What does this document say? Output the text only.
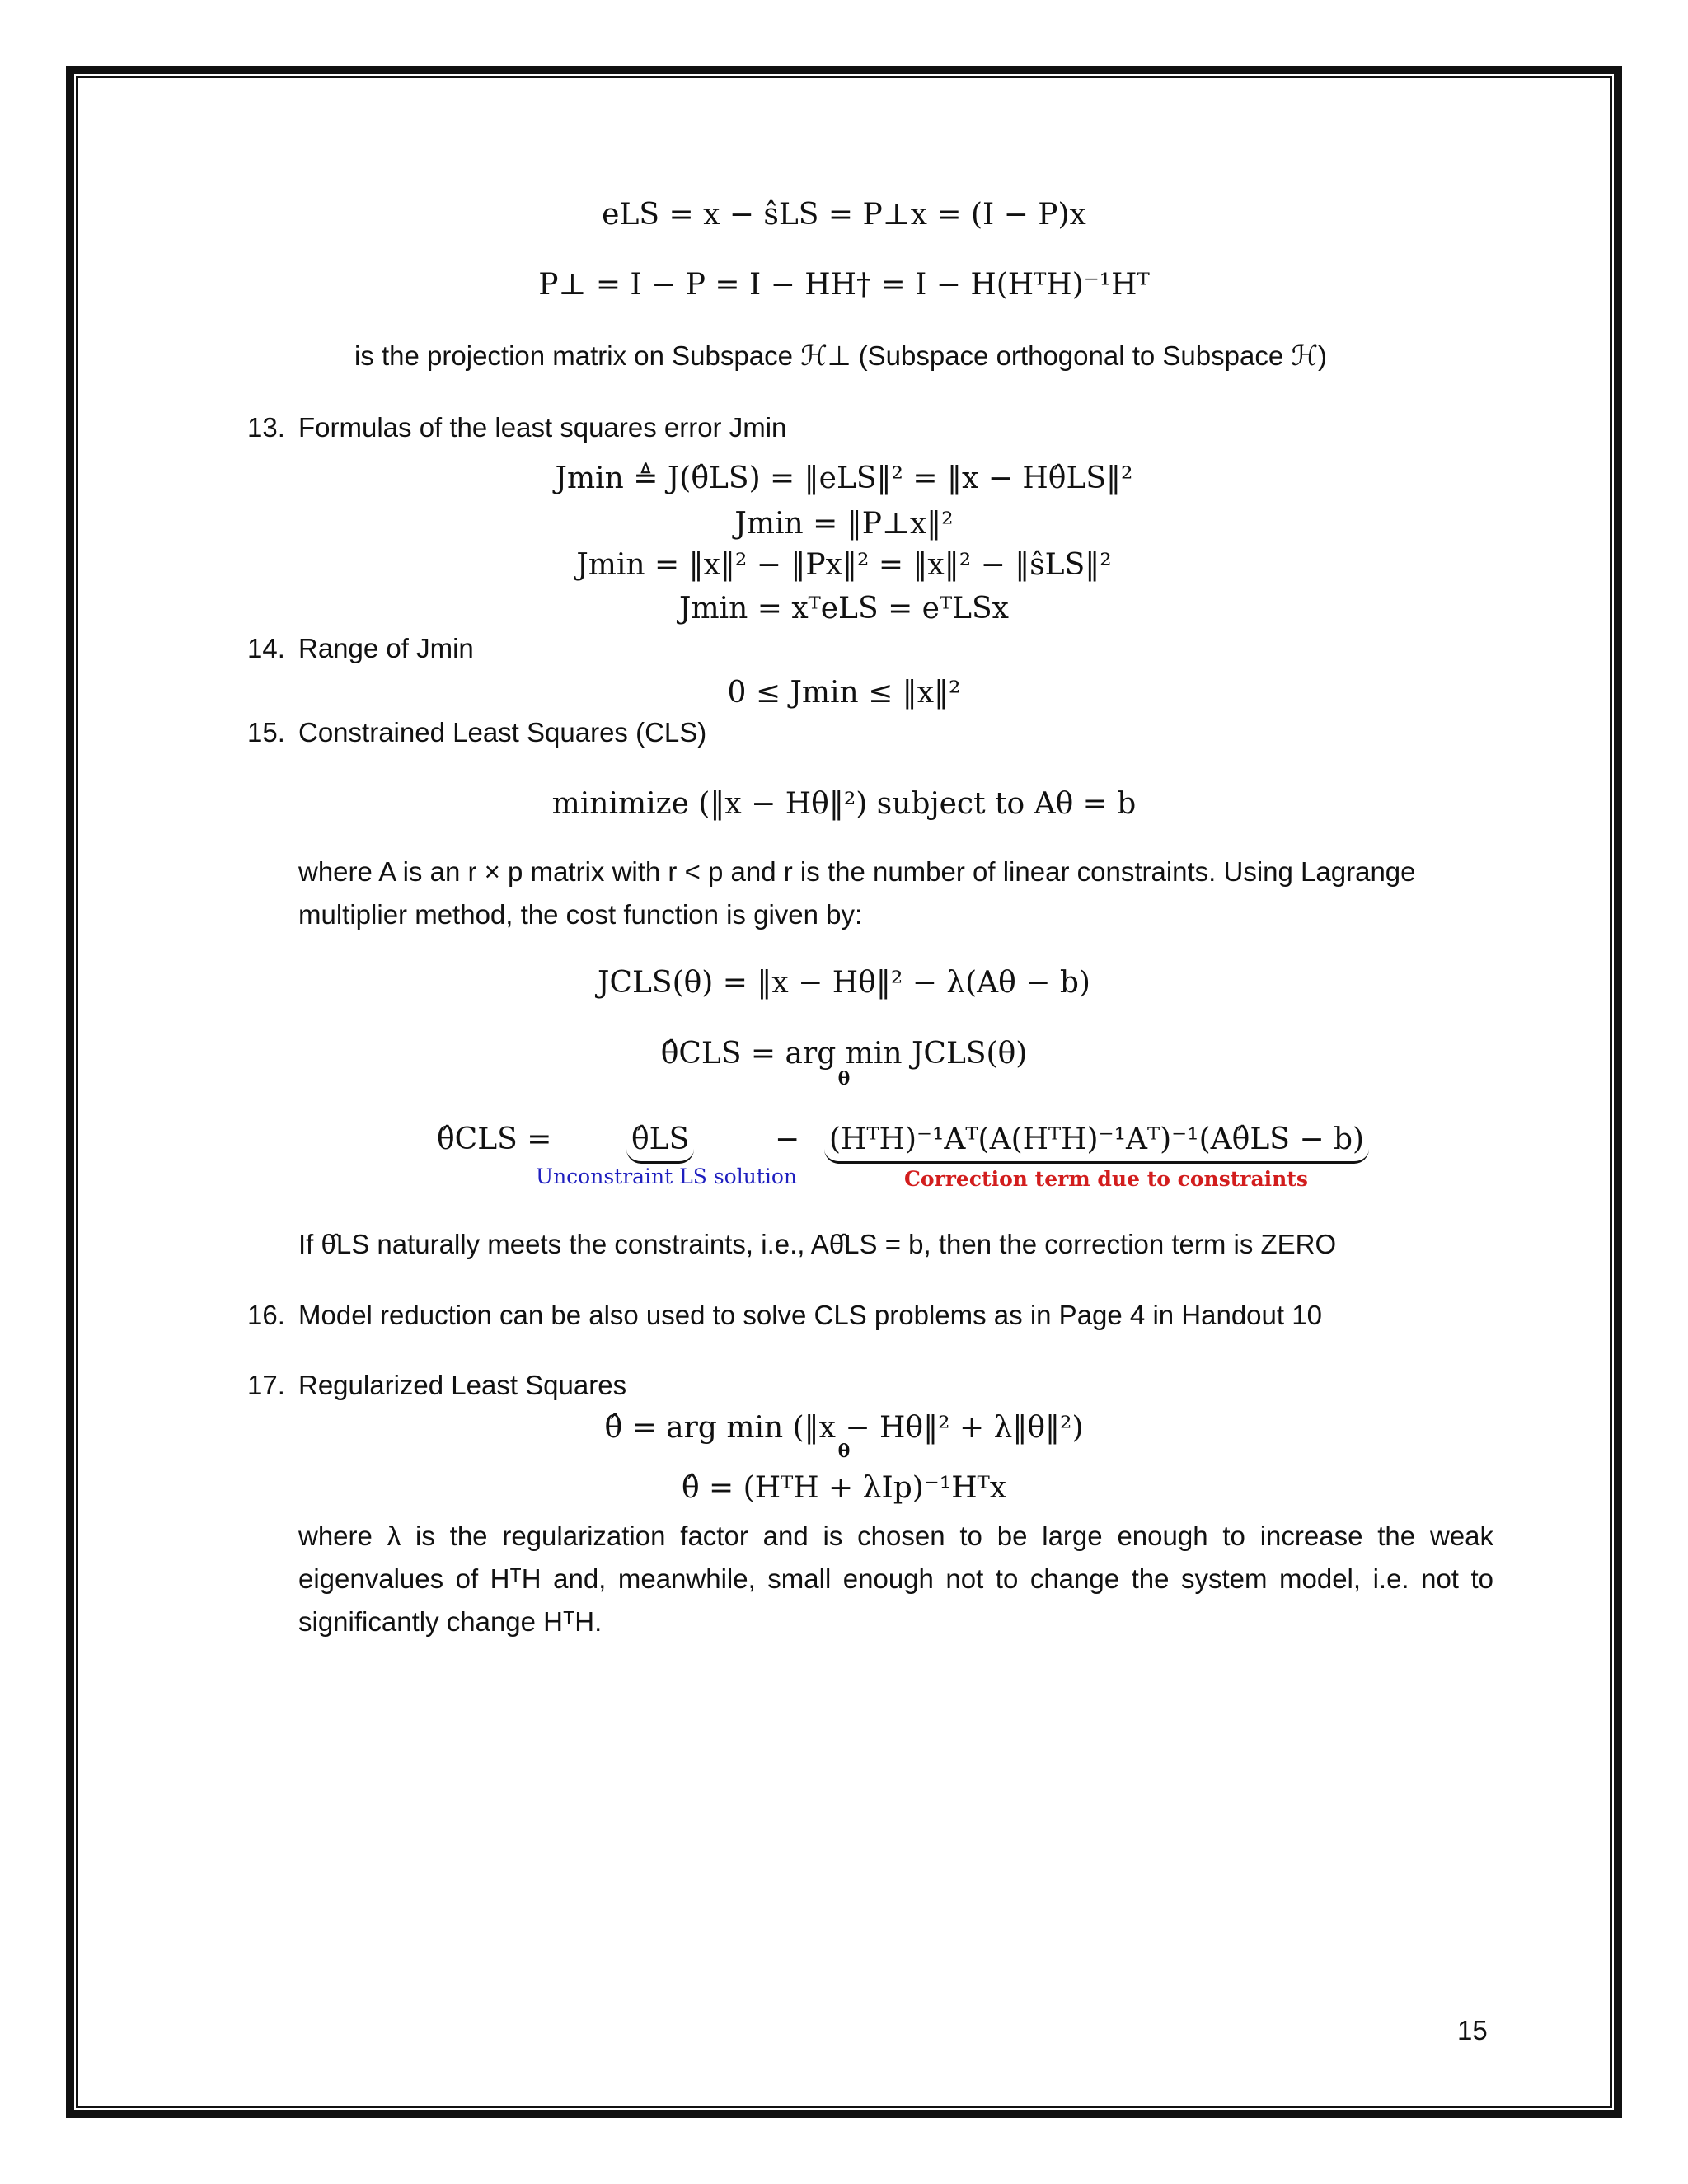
eLS = x − ŝLS = P⊥x = (I − P)x
P⊥ = I − P = I − HH† = I − H(HᵀH)⁻¹Hᵀ
is the projection matrix on Subspace ℋ⊥ (Subspace orthogonal to Subspace ℋ)
13. Formulas of the least squares error Jmin
Jmin ≜ J(θ̂LS) = ‖eLS‖² = ‖x − Hθ̂LS‖²
Jmin = ‖P⊥x‖²
Jmin = ‖x‖² − ‖Px‖² = ‖x‖² − ‖ŝLS‖²
Jmin = xᵀeLS = eᵀLSx
14. Range of Jmin
0 ≤ Jmin ≤ ‖x‖²
15. Constrained Least Squares (CLS)
minimize (‖x − Hθ‖²) subject to Aθ = b
where A is an r × p matrix with r < p and r is the number of linear constraints. Using Lagrange
multiplier method, the cost function is given by:
JCLS(θ) = ‖x − Hθ‖² − λ(Aθ − b)
θ̂CLS = arg min JCLS(θ)
θ
θ̂CLS =	θ̂LS	− (HᵀH)⁻¹Aᵀ(A(HᵀH)⁻¹Aᵀ)⁻¹(Aθ̂LS − b)
Unconstraint LS solution	Correction term due to constraints
If θ̂LS naturally meets the constraints, i.e., Aθ̂LS = b, then the correction term is ZERO
16. Model reduction can be also used to solve CLS problems as in Page 4 in Handout 10
17. Regularized Least Squares
θ̂ = arg min (‖x − Hθ‖² + λ‖θ‖²)
θ
θ̂ = (HᵀH + λIp)⁻¹Hᵀx
where λ is the regularization factor and is chosen to be large enough to increase the weak
eigenvalues of HᵀH and, meanwhile, small enough not to change the system model, i.e. not to
significantly change HᵀH.
15
